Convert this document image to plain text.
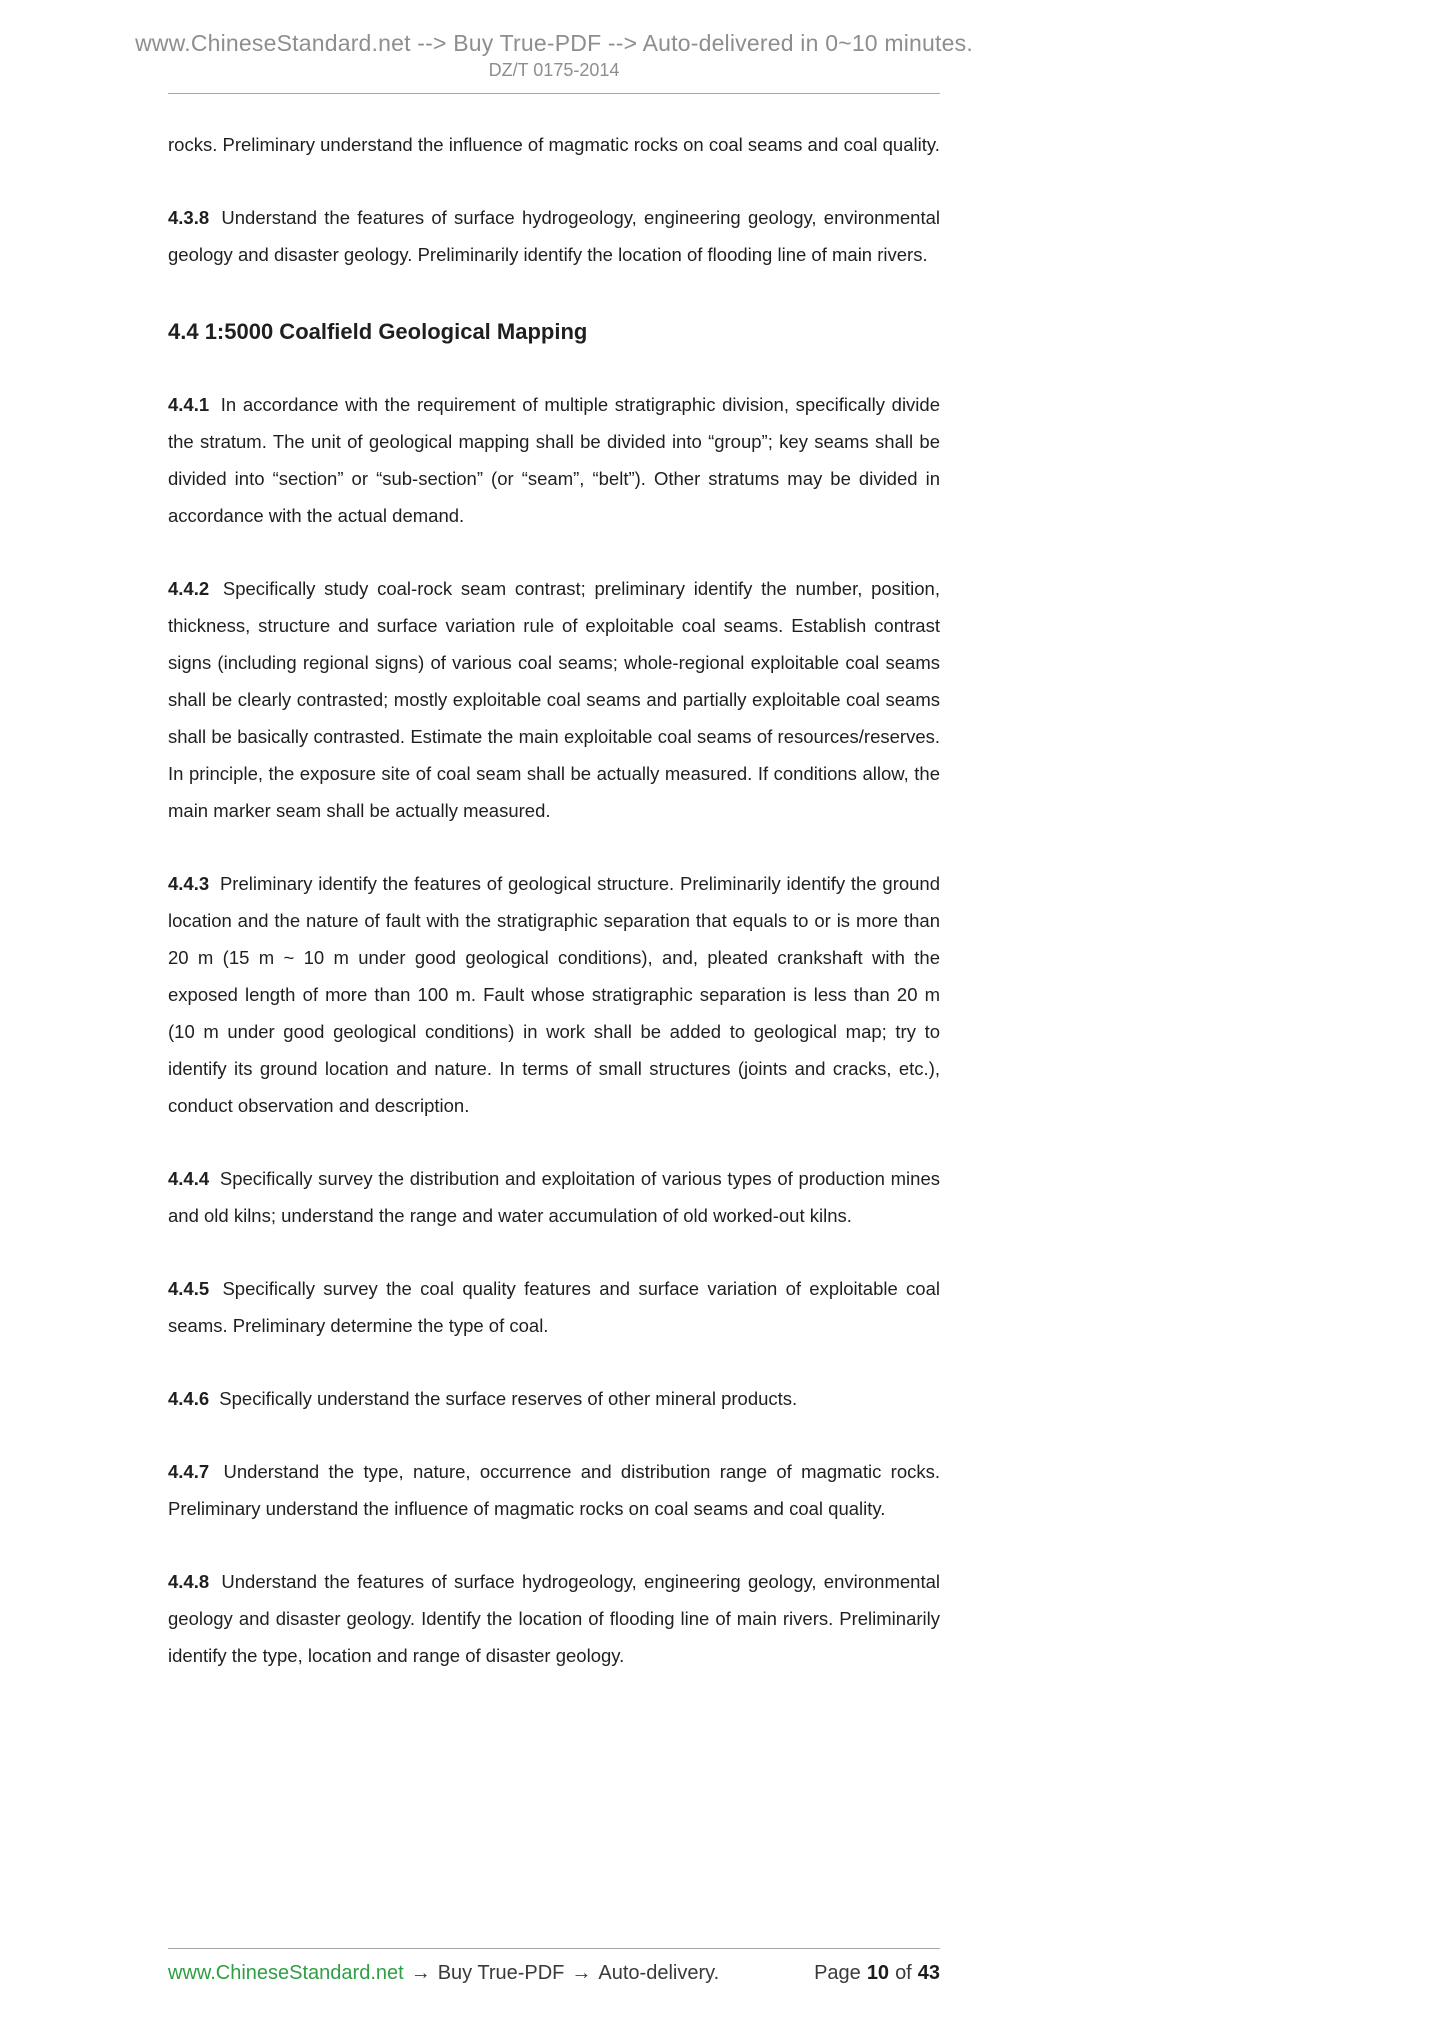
www.ChineseStandard.net --> Buy True-PDF --> Auto-delivered in 0~10 minutes.
DZ/T 0175-2014

rocks. Preliminary understand the influence of magmatic rocks on coal seams and coal quality.

4.3.8 Understand the features of surface hydrogeology, engineering geology, environmental geology and disaster geology. Preliminarily identify the location of flooding line of main rivers.

4.4 1:5000 Coalfield Geological Mapping

4.4.1 In accordance with the requirement of multiple stratigraphic division, specifically divide the stratum. The unit of geological mapping shall be divided into “group”; key seams shall be divided into “section” or “sub-section” (or “seam”, “belt”). Other stratums may be divided in accordance with the actual demand.

4.4.2 Specifically study coal-rock seam contrast; preliminary identify the number, position, thickness, structure and surface variation rule of exploitable coal seams. Establish contrast signs (including regional signs) of various coal seams; whole-regional exploitable coal seams shall be clearly contrasted; mostly exploitable coal seams and partially exploitable coal seams shall be basically contrasted. Estimate the main exploitable coal seams of resources/reserves. In principle, the exposure site of coal seam shall be actually measured. If conditions allow, the main marker seam shall be actually measured.

4.4.3 Preliminary identify the features of geological structure. Preliminarily identify the ground location and the nature of fault with the stratigraphic separation that equals to or is more than 20 m (15 m ~ 10 m under good geological conditions), and, pleated crankshaft with the exposed length of more than 100 m. Fault whose stratigraphic separation is less than 20 m (10 m under good geological conditions) in work shall be added to geological map; try to identify its ground location and nature. In terms of small structures (joints and cracks, etc.), conduct observation and description.

4.4.4 Specifically survey the distribution and exploitation of various types of production mines and old kilns; understand the range and water accumulation of old worked-out kilns.

4.4.5 Specifically survey the coal quality features and surface variation of exploitable coal seams. Preliminary determine the type of coal.

4.4.6 Specifically understand the surface reserves of other mineral products.

4.4.7 Understand the type, nature, occurrence and distribution range of magmatic rocks. Preliminary understand the influence of magmatic rocks on coal seams and coal quality.

4.4.8 Understand the features of surface hydrogeology, engineering geology, environmental geology and disaster geology. Identify the location of flooding line of main rivers. Preliminarily identify the type, location and range of disaster geology.

www.ChineseStandard.net → Buy True-PDF → Auto-delivery.	Page 10 of 43
